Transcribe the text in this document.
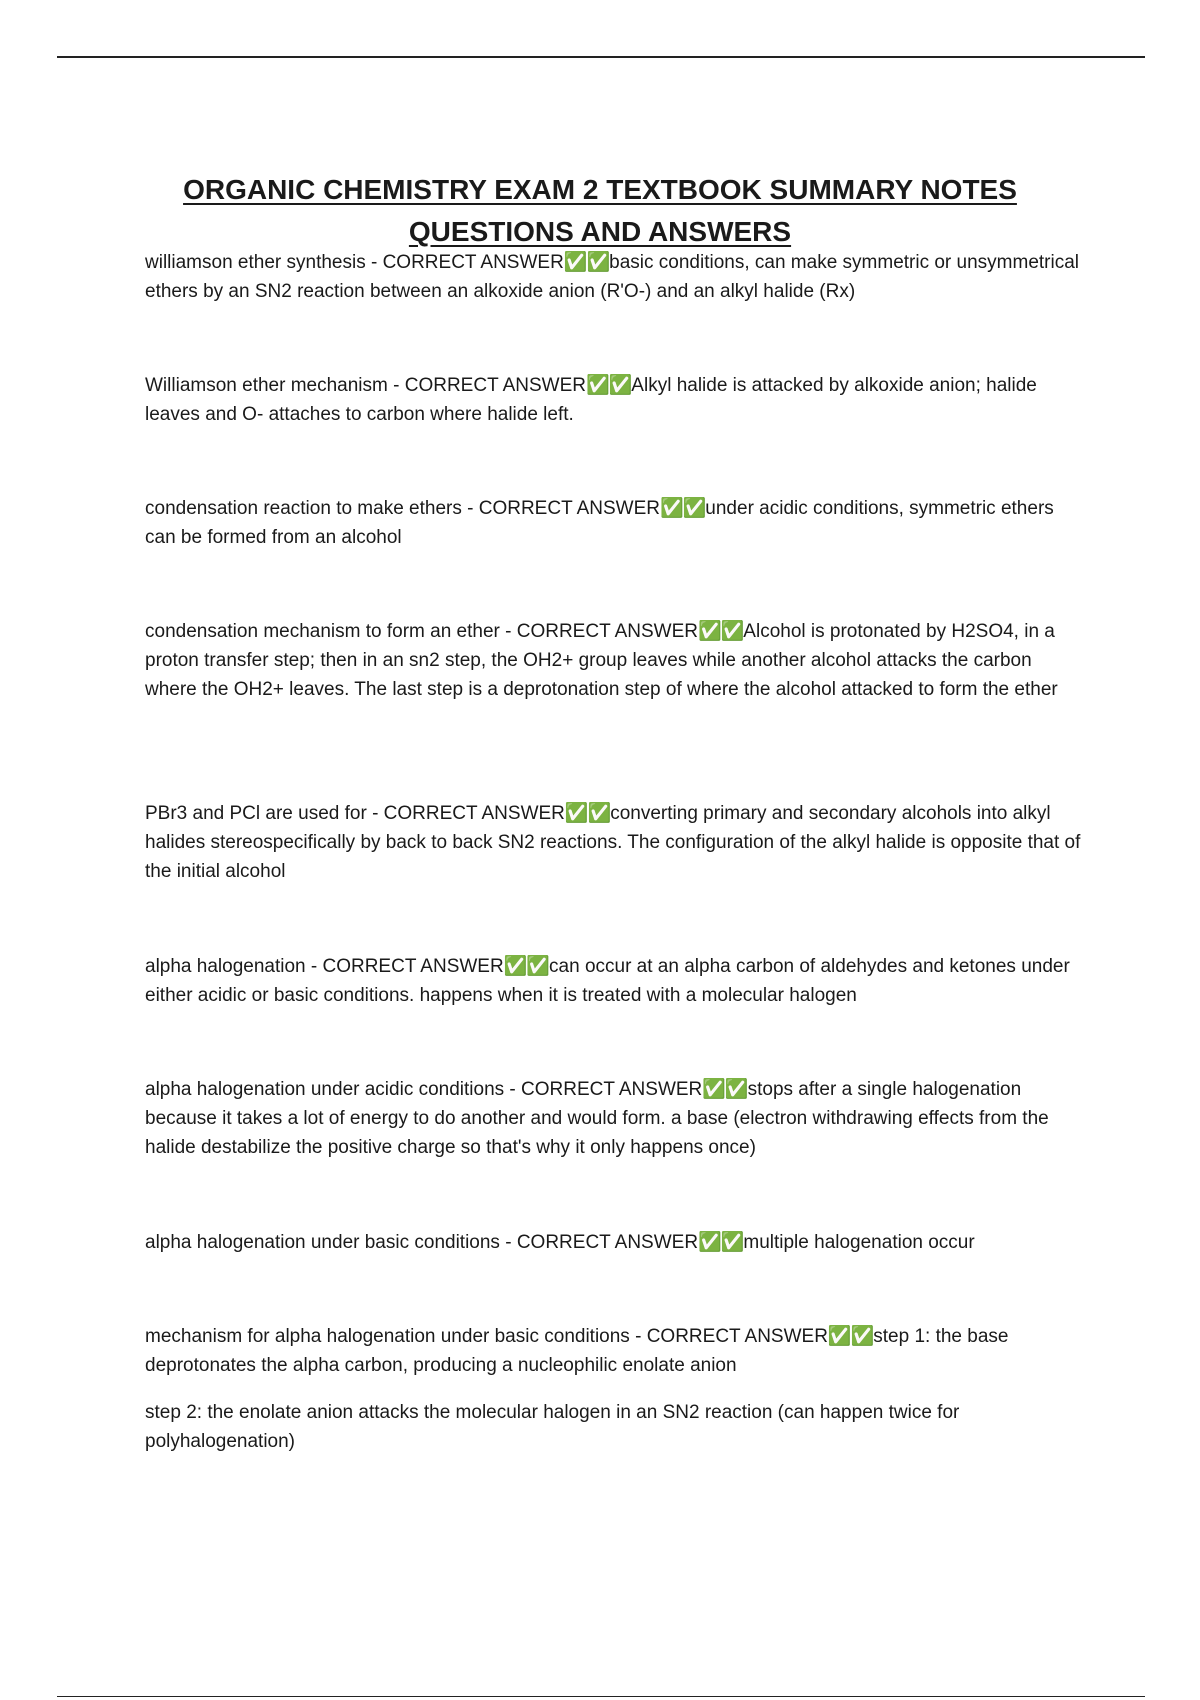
ORGANIC CHEMISTRY EXAM 2 TEXTBOOK SUMMARY NOTES
QUESTIONS AND ANSWERS

williamson ether synthesis - CORRECT ANSWER✅✅basic conditions, can make symmetric or unsymmetrical ethers by an SN2 reaction between an alkoxide anion (R'O-) and an alkyl halide (Rx)

Williamson ether mechanism - CORRECT ANSWER✅✅Alkyl halide is attacked by alkoxide anion; halide leaves and O- attaches to carbon where halide left.

condensation reaction to make ethers - CORRECT ANSWER✅✅under acidic conditions, symmetric ethers can be formed from an alcohol

condensation mechanism to form an ether - CORRECT ANSWER✅✅Alcohol is protonated by H2SO4, in a proton transfer step; then in an sn2 step, the OH2+ group leaves while another alcohol attacks the carbon where the OH2+ leaves. The last step is a deprotonation step of where the alcohol attacked to form the ether

PBr3 and PCl are used for - CORRECT ANSWER✅✅converting primary and secondary alcohols into alkyl halides stereospecifically by back to back SN2 reactions. The configuration of the alkyl halide is opposite that of the initial alcohol

alpha halogenation - CORRECT ANSWER✅✅can occur at an alpha carbon of aldehydes and ketones under either acidic or basic conditions. happens when it is treated with a molecular halogen

alpha halogenation under acidic conditions - CORRECT ANSWER✅✅stops after a single halogenation because it takes a lot of energy to do another and would form. a base (electron withdrawing effects from the halide destabilize the positive charge so that's why it only happens once)

alpha halogenation under basic conditions - CORRECT ANSWER✅✅multiple halogenation occur

mechanism for alpha halogenation under basic conditions - CORRECT ANSWER✅✅step 1: the base deprotonates the alpha carbon, producing a nucleophilic enolate anion

step 2: the enolate anion attacks the molecular halogen in an SN2 reaction (can happen twice for polyhalogenation)
